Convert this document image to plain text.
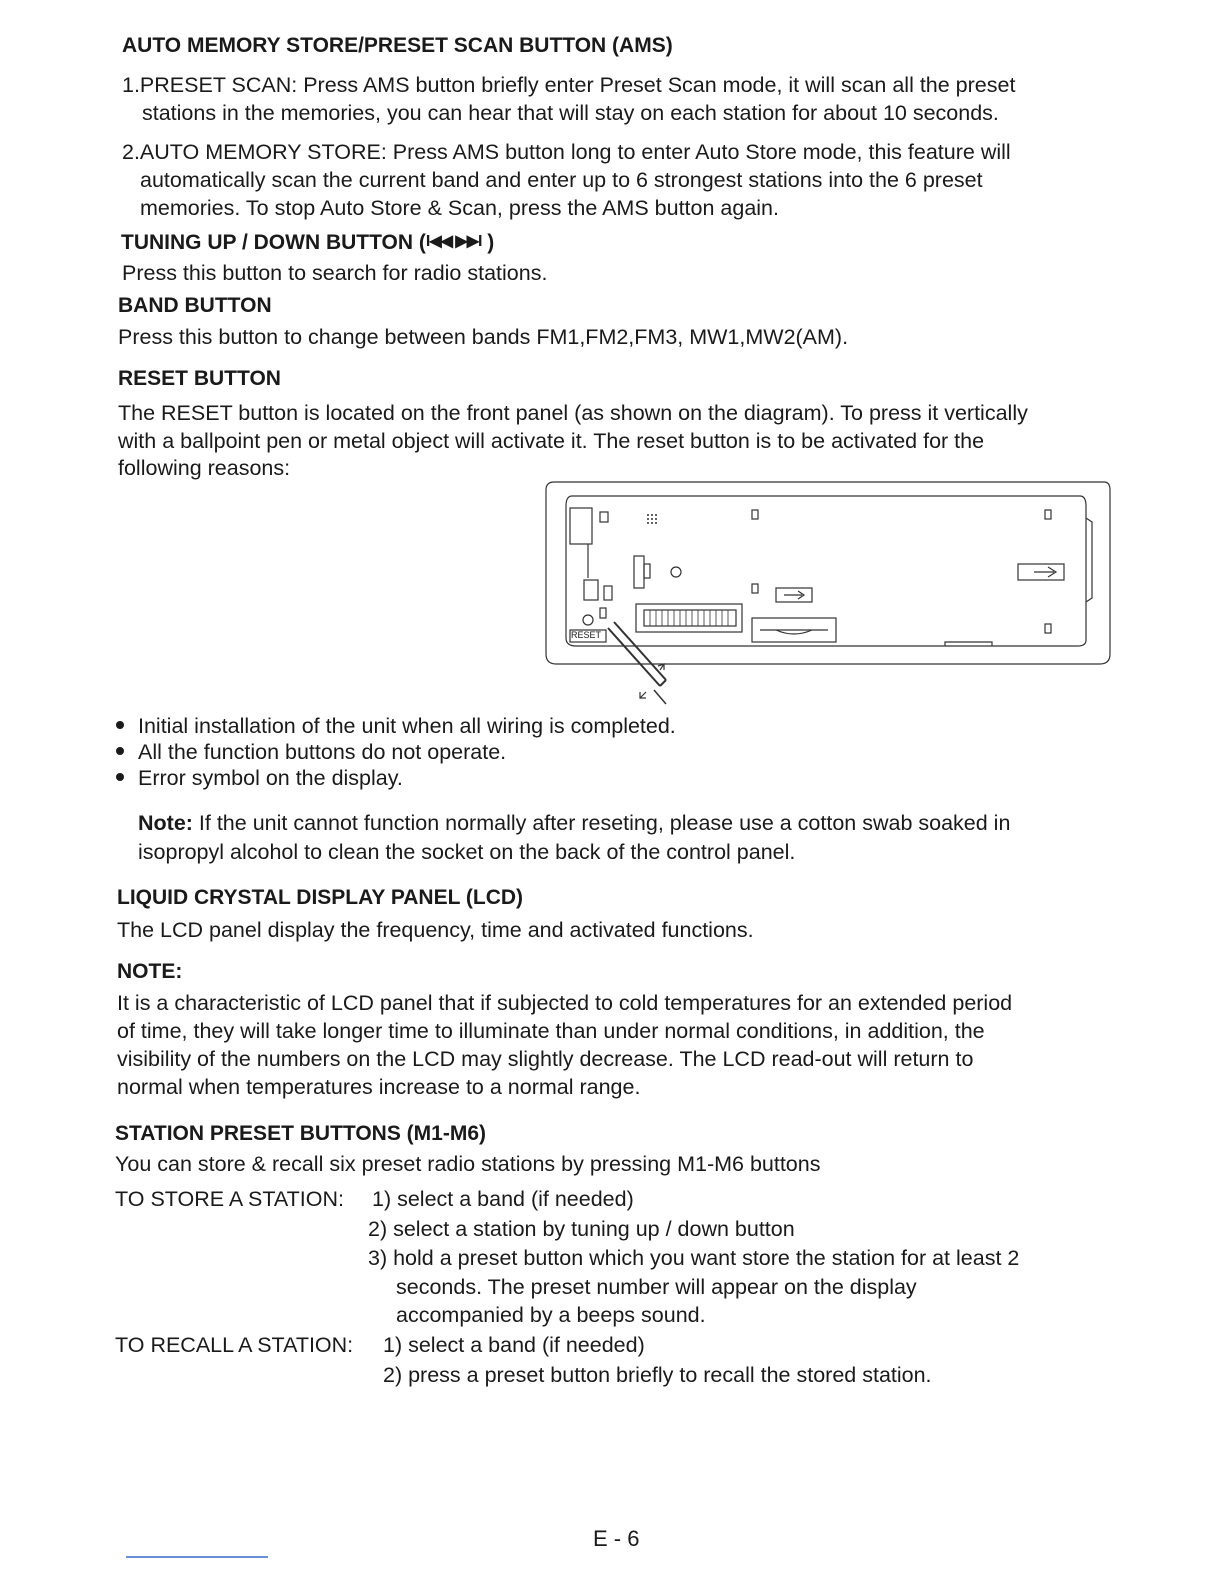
AUTO MEMORY STORE/PRESET SCAN BUTTON (AMS)
1.PRESET SCAN: Press AMS button briefly enter Preset Scan mode, it will scan all the preset
stations in the memories, you can hear that will stay on each station for about 10 seconds.
2.AUTO MEMORY STORE: Press AMS button long to enter Auto Store mode, this feature will
automatically scan the current band and enter up to 6 strongest stations into the 6 preset
memories. To stop Auto Store & Scan, press the AMS button again.
TUNING UP / DOWN BUTTON (I◀◀ ▶▶I )
Press this button to search for radio stations.
BAND BUTTON
Press this button to change between bands FM1,FM2,FM3, MW1,MW2(AM).
RESET BUTTON
The RESET button is located on the front panel (as shown on the diagram). To press it vertically
with a ballpoint pen or metal object will activate it. The reset button is to be activated for the
following reasons:
RESET
Initial installation of the unit when all wiring is completed.
All the function buttons do not operate.
Error symbol on the display.
Note: If the unit cannot function normally after reseting, please use a cotton swab soaked in
isopropyl alcohol to clean the socket on the back of the control panel.
LIQUID CRYSTAL DISPLAY PANEL (LCD)
The LCD panel display the frequency, time and activated functions.
NOTE:
It is a characteristic of LCD panel that if subjected to cold temperatures for an extended period
of time, they will take longer time to illuminate than under normal conditions, in addition, the
visibility of the numbers on the LCD may slightly decrease. The LCD read-out will return to
normal when temperatures increase to a normal range.
STATION PRESET BUTTONS (M1-M6)
You can store & recall six preset radio stations by pressing M1-M6 buttons
TO STORE A STATION: 1) select a band (if needed)
2) select a station by tuning up / down button
3) hold a preset button which you want store the station for at least 2
seconds. The preset number will appear on the display
accompanied by a beeps sound.
TO RECALL A STATION: 1) select a band (if needed)
2) press a preset button briefly to recall the stored station.
E - 6
